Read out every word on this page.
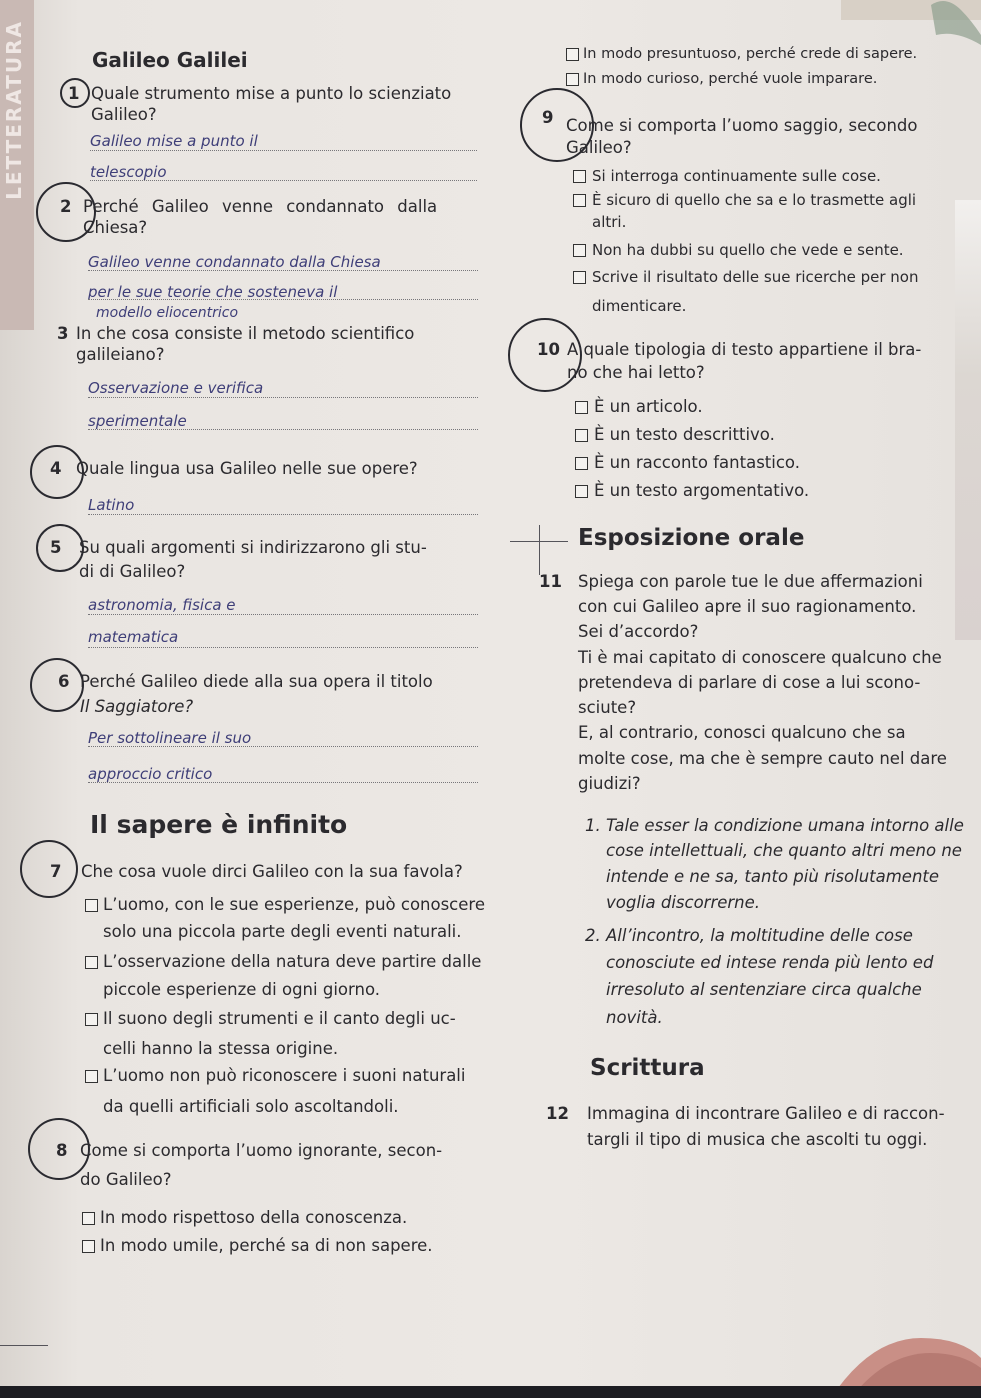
LETTERATURA	Galileo Galilei
1 Quale strumento mise a punto lo scienziato
Galileo?
Galileo mise a punto il
telescopio
2 Perché Galileo venne condannato dalla
Chiesa?
Galileo venne condannato dalla Chiesa
per le sue teorie che sosteneva il
modello eliocentrico
3 In che cosa consiste il metodo scientifico
galileiano?
Osservazione e verifica
sperimentale
4 Quale lingua usa Galileo nelle sue opere?
Latino
5 Su quali argomenti si indirizzarono gli stu-
di di Galileo?
astronomia, fisica e
matematica
6 Perché Galileo diede alla sua opera il titolo
Il Saggiatore?
Per sottolineare il suo
approccio critico
Il sapere è infinito
7 Che cosa vuole dirci Galileo con la sua favola?
L’uomo, con le sue esperienze, può conoscere
solo una piccola parte degli eventi naturali.
L’osservazione della natura deve partire dalle
piccole esperienze di ogni giorno.
Il suono degli strumenti e il canto degli uc-
celli hanno la stessa origine.
L’uomo non può riconoscere i suoni naturali
da quelli artificiali solo ascoltandoli.
8 Come si comporta l’uomo ignorante, secon-
do Galileo?
In modo rispettoso della conoscenza.
In modo umile, perché sa di non sapere.
In modo presuntuoso, perché crede di sapere.
In modo curioso, perché vuole imparare.
9 Come si comporta l’uomo saggio, secondo
Galileo?
Si interroga continuamente sulle cose.
È sicuro di quello che sa e lo trasmette agli
altri.
Non ha dubbi su quello che vede e sente.
Scrive il risultato delle sue ricerche per non
dimenticare.
10 A quale tipologia di testo appartiene il bra-
no che hai letto?
È un articolo.
È un testo descrittivo.
È un racconto fantastico.
È un testo argomentativo.
Esposizione orale
11 Spiega con parole tue le due affermazioni
con cui Galileo apre il suo ragionamento.
Sei d’accordo?
Ti è mai capitato di conoscere qualcuno che
pretendeva di parlare di cose a lui scono-
sciute?
E, al contrario, conosci qualcuno che sa
molte cose, ma che è sempre cauto nel dare
giudizi?
1. Tale esser la condizione umana intorno alle
cose intellettuali, che quanto altri meno ne
intende e ne sa, tanto più risolutamente
voglia discorrerne.
2. All’incontro, la moltitudine delle cose
conosciute ed intese renda più lento ed
irresoluto al sentenziare circa qualche
novità.
Scrittura
12 Immagina di incontrare Galileo e di raccon-
targli il tipo di musica che ascolti tu oggi.
